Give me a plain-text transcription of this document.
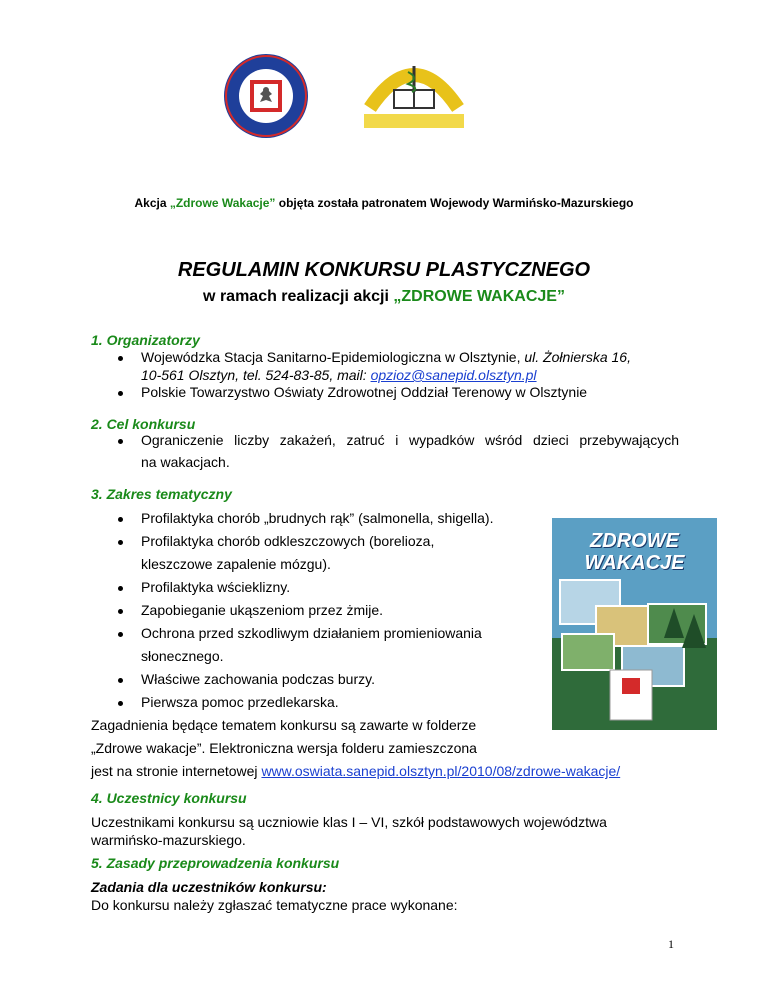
Akcja „Zdrowe Wakacje” objęta została patronatem Wojewody Warmińsko-Mazurskiego
REGULAMIN KONKURSU PLASTYCZNEGO
w ramach realizacji akcji „ZDROWE WAKACJE”
1. Organizatorzy
Wojewódzka Stacja Sanitarno-Epidemiologiczna w Olsztynie, ul. Żołnierska 16,
10-561 Olsztyn, tel. 524-83-85, mail: opzioz@sanepid.olsztyn.pl
Polskie Towarzystwo Oświaty Zdrowotnej Oddział Terenowy w Olsztynie
2. Cel konkursu
Ograniczenie liczby zakażeń, zatruć i wypadków wśród dzieci przebywających
na wakacjach.
3. Zakres tematyczny
Profilaktyka chorób „brudnych rąk” (salmonella, shigella).
Profilaktyka chorób odkleszczowych (borelioza,
kleszczowe zapalenie mózgu).
Profilaktyka wścieklizny.
Zapobieganie ukąszeniom przez żmije.
Ochrona przed szkodliwym działaniem promieniowania
słonecznego.
Właściwe zachowania podczas burzy.
Pierwsza pomoc przedlekarska.
Zagadnienia będące tematem konkursu są zawarte w folderze
„Zdrowe wakacje”. Elektroniczna wersja folderu zamieszczona
jest na stronie internetowej www.oswiata.sanepid.olsztyn.pl/2010/08/zdrowe-wakacje/
ZDROWE
WAKACJE
4. Uczestnicy konkursu
Uczestnikami konkursu są uczniowie klas I – VI, szkół podstawowych województwa
warmińsko-mazurskiego.
5. Zasady przeprowadzenia konkursu
Zadania dla uczestników konkursu:
Do konkursu należy zgłaszać tematyczne prace wykonane:
1
